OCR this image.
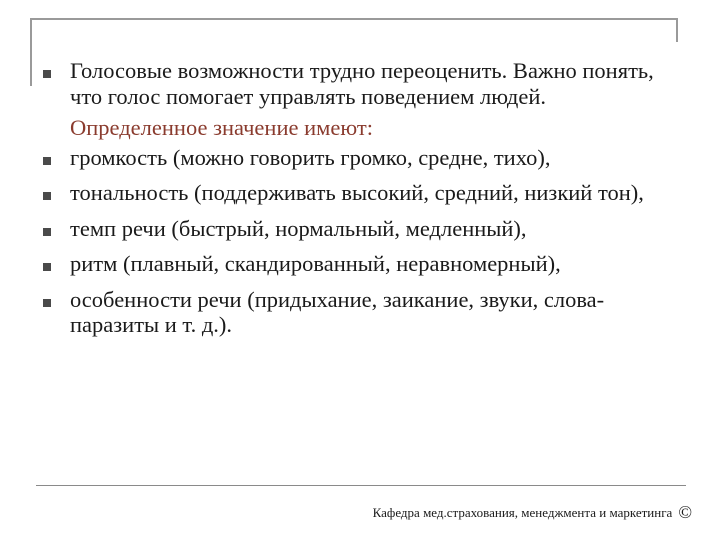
Голосовые возможности трудно переоценить. Важно понять, что голос помогает управлять поведением людей.
Определенное значение имеют:
громкость (можно говорить громко, средне, тихо),
тональность (поддерживать высокий, средний, низкий тон),
темп речи (быстрый, нормальный, медленный),
ритм (плавный, скандированный, неравномерный),
особенности речи (придыхание, заикание, звуки, слова-паразиты и т. д.).
Кафедра мед.страхования, менеджмента и маркетинга ©
